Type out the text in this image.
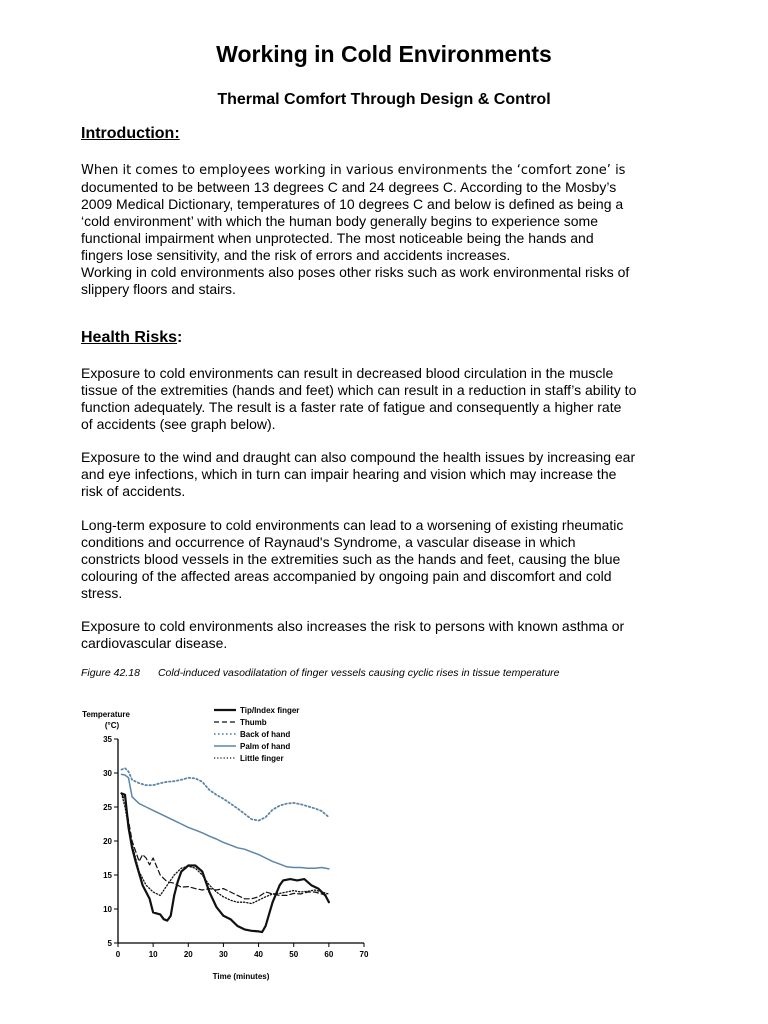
Working in Cold Environments
Thermal Comfort Through Design & Control
Introduction:
When it comes to employees working in various environments the ‘comfort zone’ is
documented to be between 13 degrees C and 24 degrees C. According to the Mosby’s
2009 Medical Dictionary, temperatures of 10 degrees C and below is defined as being a
‘cold environment’ with which the human body generally begins to experience some
functional impairment when unprotected. The most noticeable being the hands and
fingers lose sensitivity, and the risk of errors and accidents increases.
Working in cold environments also poses other risks such as work environmental risks of
slippery floors and stairs.
Health Risks:
Exposure to cold environments can result in decreased blood circulation in the muscle
tissue of the extremities (hands and feet) which can result in a reduction in staff’s ability to
function adequately. The result is a faster rate of fatigue and consequently a higher rate
of accidents (see graph below).
Exposure to the wind and draught can also compound the health issues by increasing ear
and eye infections, which in turn can impair hearing and vision which may increase the
risk of accidents.
Long-term exposure to cold environments can lead to a worsening of existing rheumatic
conditions and occurrence of Raynaud's Syndrome, a vascular disease in which
constricts blood vessels in the extremities such as the hands and feet, causing the blue
colouring of the affected areas accompanied by ongoing pain and discomfort and cold
stress.
Exposure to cold environments also increases the risk to persons with known asthma or
cardiovascular disease.

Figure 42.18 Cold-induced vasodilatation of finger vessels causing cyclic rises in tissue temperature

5
10
15
20
25
30
35
0	10	20	30	40	50	60	70
Temperature
(°C)
Time (minutes)
Tip/Index finger
Thumb
Back of hand
Palm of hand
Little finger
